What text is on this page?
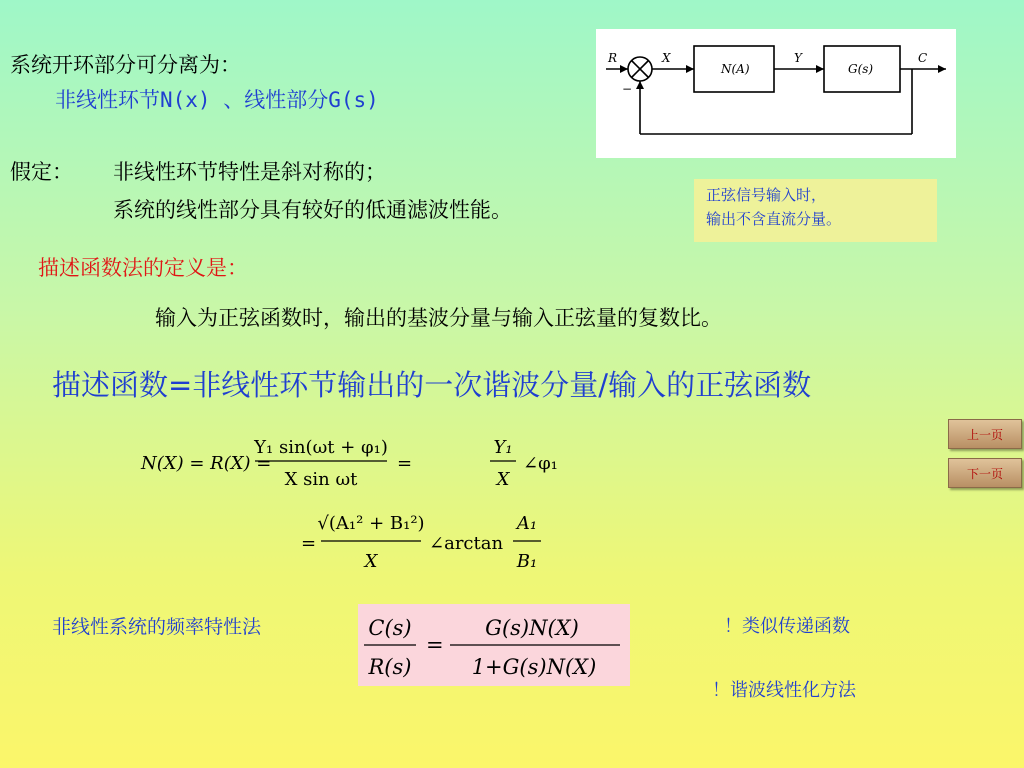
系统开环部分可分离为：
非线性环节N(x) 、线性部分G(s)
R	X
N(A)
Y
G(s)
C
−
假定： 非线性环节特性是斜对称的；
系统的线性部分具有较好的低通滤波性能。
正弦信号输入时，
输出不含直流分量。
描述函数法的定义是：
输入为正弦函数时，输出的基波分量与输入正弦量的复数比。
描述函数=非线性环节输出的一次谐波分量/输入的正弦函数
上一页
下一页
N(X) = R(X) =
Y₁ sin(ωt + φ₁)
X sin ωt
=
Y₁
X
∠φ₁
=
√(A₁² + B₁²)
X
∠arctan
A₁
B₁
非线性系统的频率特性法	C(s)
R(s)
=
G(s)N(X)
1+G(s)N(X)
！类似传递函数
！谐波线性化方法
